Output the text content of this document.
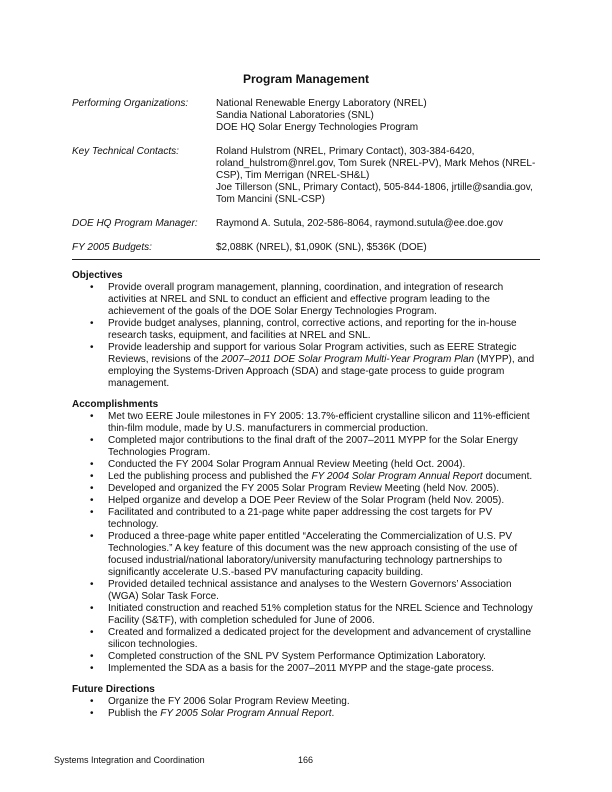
Program Management
Performing Organizations:	National Renewable Energy Laboratory (NREL)
Sandia National Laboratories (SNL)
DOE HQ Solar Energy Technologies Program
Key Technical Contacts:	Roland Hulstrom (NREL, Primary Contact), 303-384-6420, roland_hulstrom@nrel.gov, Tom Surek (NREL-PV), Mark Mehos (NREL-CSP), Tim Merrigan (NREL-SH&L)
Joe Tillerson (SNL, Primary Contact), 505-844-1806, jrtille@sandia.gov, Tom Mancini (SNL-CSP)
DOE HQ Program Manager:	Raymond A. Sutula, 202-586-8064, raymond.sutula@ee.doe.gov
FY 2005 Budgets:	$2,088K (NREL), $1,090K (SNL), $536K (DOE)
Objectives
• Provide overall program management, planning, coordination, and integration of research activities at NREL and SNL to conduct an efficient and effective program leading to the achievement of the goals of the DOE Solar Energy Technologies Program.
• Provide budget analyses, planning, control, corrective actions, and reporting for the in-house research tasks, equipment, and facilities at NREL and SNL.
• Provide leadership and support for various Solar Program activities, such as EERE Strategic Reviews, revisions of the 2007–2011 DOE Solar Program Multi-Year Program Plan (MYPP), and employing the Systems-Driven Approach (SDA) and stage-gate process to guide program management.
Accomplishments
• Met two EERE Joule milestones in FY 2005: 13.7%-efficient crystalline silicon and 11%-efficient thin-film module, made by U.S. manufacturers in commercial production.
• Completed major contributions to the final draft of the 2007–2011 MYPP for the Solar Energy Technologies Program.
• Conducted the FY 2004 Solar Program Annual Review Meeting (held Oct. 2004).
• Led the publishing process and published the FY 2004 Solar Program Annual Report document.
• Developed and organized the FY 2005 Solar Program Review Meeting (held Nov. 2005).
• Helped organize and develop a DOE Peer Review of the Solar Program (held Nov. 2005).
• Facilitated and contributed to a 21-page white paper addressing the cost targets for PV technology.
• Produced a three-page white paper entitled “Accelerating the Commercialization of U.S. PV Technologies.” A key feature of this document was the new approach consisting of the use of focused industrial/national laboratory/university manufacturing technology partnerships to significantly accelerate U.S.-based PV manufacturing capacity building.
• Provided detailed technical assistance and analyses to the Western Governors’ Association (WGA) Solar Task Force.
• Initiated construction and reached 51% completion status for the NREL Science and Technology Facility (S&TF), with completion scheduled for June of 2006.
• Created and formalized a dedicated project for the development and advancement of crystalline silicon technologies.
• Completed construction of the SNL PV System Performance Optimization Laboratory.
• Implemented the SDA as a basis for the 2007–2011 MYPP and the stage-gate process.
Future Directions
• Organize the FY 2006 Solar Program Review Meeting.
• Publish the FY 2005 Solar Program Annual Report.
Systems Integration and Coordination	166
